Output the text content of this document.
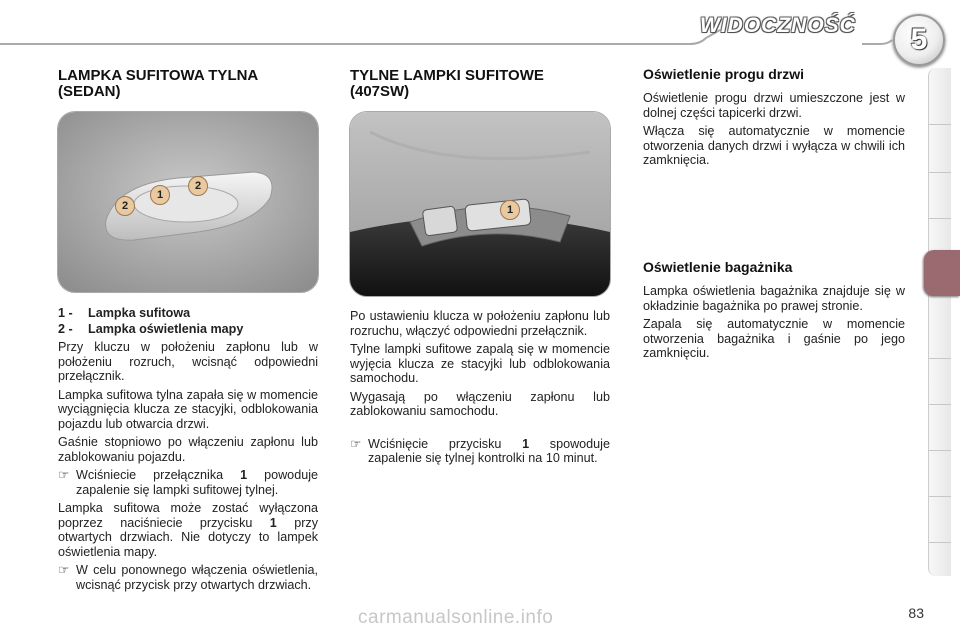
WIDOCZNOŚĆ	5
LAMPKA SUFITOWA TYLNA
(SEDAN)
2
1
2
1 -	Lampka sufitowa
2 -	Lampka oświetlenia mapy

Przy kluczu w położeniu zapłonu lub w położeniu rozruch, wcisnąć odpowiedni przełącznik.

Lampka sufitowa tylna zapała się w momencie wyciągnięcia klucza ze stacyjki, odblokowania pojazdu lub otwarcia drzwi.

Gaśnie stopniowo po włączeniu zapłonu lub zablokowaniu pojazdu.

☞ Wciśniecie przełącznika 1 powoduje zapalenie się lampki sufitowej tylnej.

Lampka sufitowa może zostać wyłączona poprzez naciśniecie przycisku 1 przy otwartych drzwiach. Nie dotyczy to lampek oświetlenia mapy.

☞ W celu ponownego włączenia oświetlenia, wcisnąć przycisk przy otwartych drzwiach.
TYLNE LAMPKI SUFITOWE
(407SW)
1

Po ustawieniu klucza w położeniu zapłonu lub rozruchu, włączyć odpowiedni przełącznik.

Tylne lampki sufitowe zapalą się w momencie wyjęcia klucza ze stacyjki lub odblokowania samochodu.

Wygasają po włączeniu zapłonu lub zablokowaniu samochodu.

☞ Wciśnięcie przycisku 1 spowoduje zapalenie się tylnej kontrolki na 10 minut.
Oświetlenie progu drzwi

Oświetlenie progu drzwi umieszczone jest w dolnej części tapicerki drzwi.

Włącza się automatycznie w momencie otworzenia danych drzwi i wyłącza w chwili ich zamknięcia.

Oświetlenie bagażnika

Lampka oświetlenia bagażnika znajduje się w okładzinie bagażnika po prawej stronie.

Zapala się automatycznie w momencie otworzenia bagażnika i gaśnie po jego zamknięciu.

carmanualsonline.info	83
